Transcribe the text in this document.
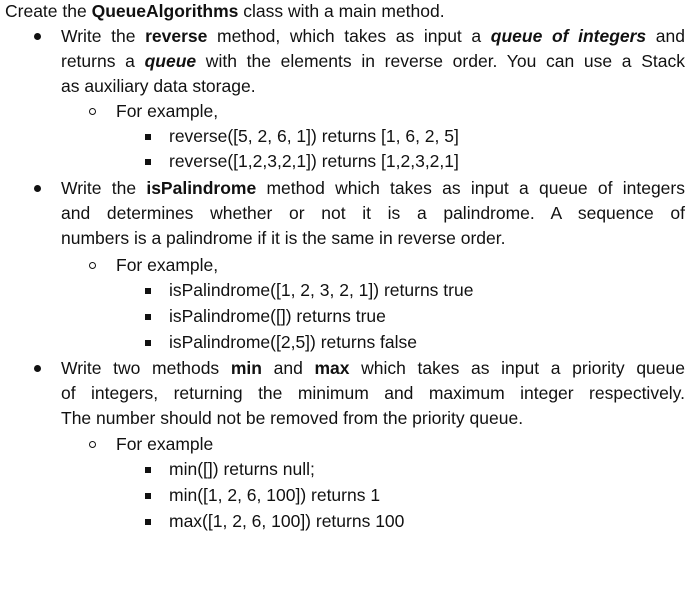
Create the QueueAlgorithms class with a main method.
Write the reverse method, which takes as input a queue of integers and
returns a queue with the elements in reverse order. You can use a Stack
as auxiliary data storage.
For example,
reverse([5, 2, 6, 1]) returns [1, 6, 2, 5]
reverse([1,2,3,2,1]) returns [1,2,3,2,1]
Write the isPalindrome method which takes as input a queue of integers
and determines whether or not it is a palindrome. A sequence of
numbers is a palindrome if it is the same in reverse order.
For example,
isPalindrome([1, 2, 3, 2, 1]) returns true
isPalindrome([]) returns true
isPalindrome([2,5]) returns false
Write two methods min and max which takes as input a priority queue
of integers, returning the minimum and maximum integer respectively.
The number should not be removed from the priority queue.
For example
min([]) returns null;
min([1, 2, 6, 100]) returns 1
max([1, 2, 6, 100]) returns 100
